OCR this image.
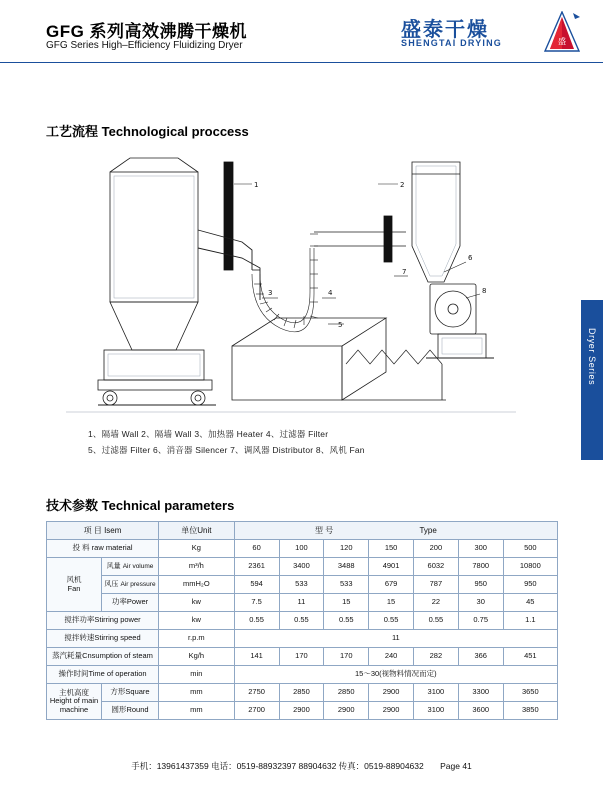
GFG 系列高效沸腾干燥机
GFG Series High–Efficiency Fluidizing Dryer
盛泰干燥
SHENGTAI DRYING	盛
工艺流程 Technological proccess
1	2
3	4
5
6
7
8
1、隔墙 Wall 2、隔墙 Wall 3、加热器 Heater 4、过滤器 Filter
5、过滤器 Filter 6、消音器 Silencer 7、调风器 Distributor 8、风机 Fan
Dryer Series
技术参数 Technical parameters
项 目 Isem		单位Unit	型 号				Type		
投 料 raw material		Kg	60	100	120	150	200	300	500
风机
Fan	风量 Air volume	m³/h	2361	3400	3488	4901	6032	7800	10800
	风压 Air pressure	mmH₂O	594	533	533	679	787	950	950
	功率Power	kw	7.5	11	15	15	22	30	45
搅拌功率Stirring power		kw	0.55	0.55	0.55	0.55	0.55	0.75	1.1
搅拌转速Stirring speed		r.p.m	11						
蒸汽耗量Cnsumption of steam		Kg/h	141	170	170	240	282	366	451
操作时间Time of operation		min	15～30(视物料情况而定)						
主机高度
Height of main machine	方形Square	mm	2750	2850	2850	2900	3100	3300	3650
	圆形Round	mm	2700	2900	2900	2900	3100	3600	3850
手机：13961437359 电话：0519-88932397 88904632 传真：0519-88904632 Page 41
